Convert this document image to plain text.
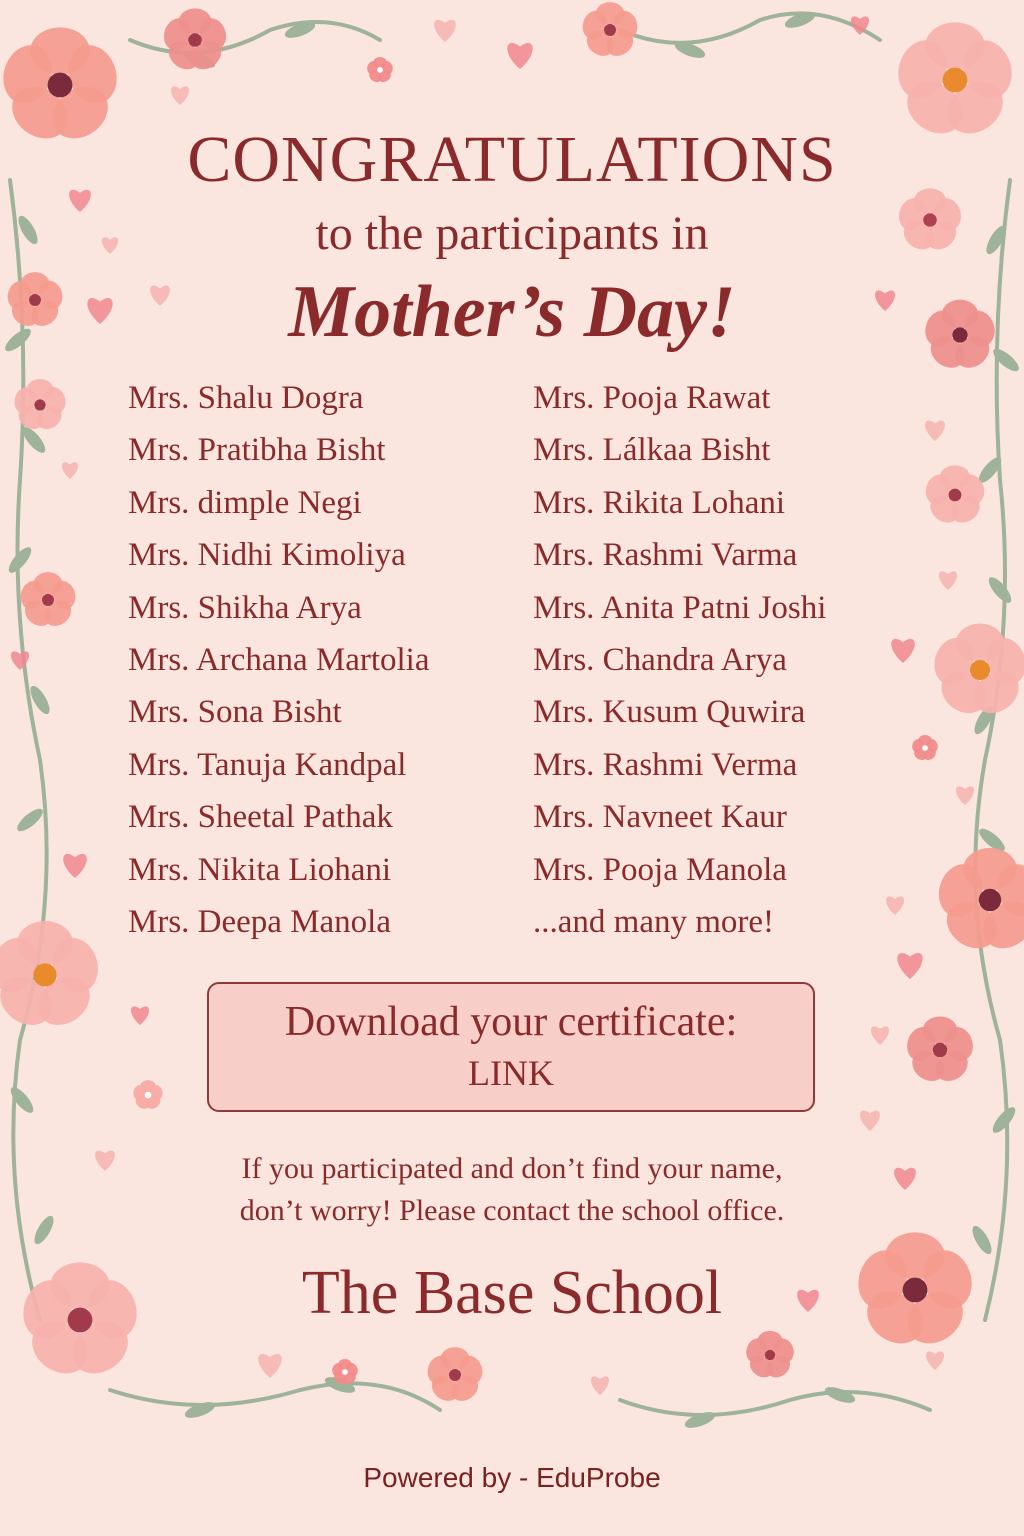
CONGRATULATIONS
to the participants in
Mother’s Day!
Mrs. Shalu Dogra
Mrs. Pratibha Bisht
Mrs. dimple Negi
Mrs. Nidhi Kimoliya
Mrs. Shikha Arya
Mrs. Archana Martolia
Mrs. Sona Bisht
Mrs. Tanuja Kandpal
Mrs. Sheetal Pathak
Mrs. Nikita Liohani
Mrs. Deepa Manola
Mrs. Pooja Rawat
Mrs. Lálkaa Bisht
Mrs. Rikita Lohani
Mrs. Rashmi Varma
Mrs. Anita Patni Joshi
Mrs. Chandra Arya
Mrs. Kusum Quwira
Mrs. Rashmi Verma
Mrs. Navneet Kaur
Mrs. Pooja Manola
...and many more!
Download your certificate:
LINK
If you participated and don’t find your name,
don’t worry! Please contact the school office.
The Base School
Powered by - EduProbe
